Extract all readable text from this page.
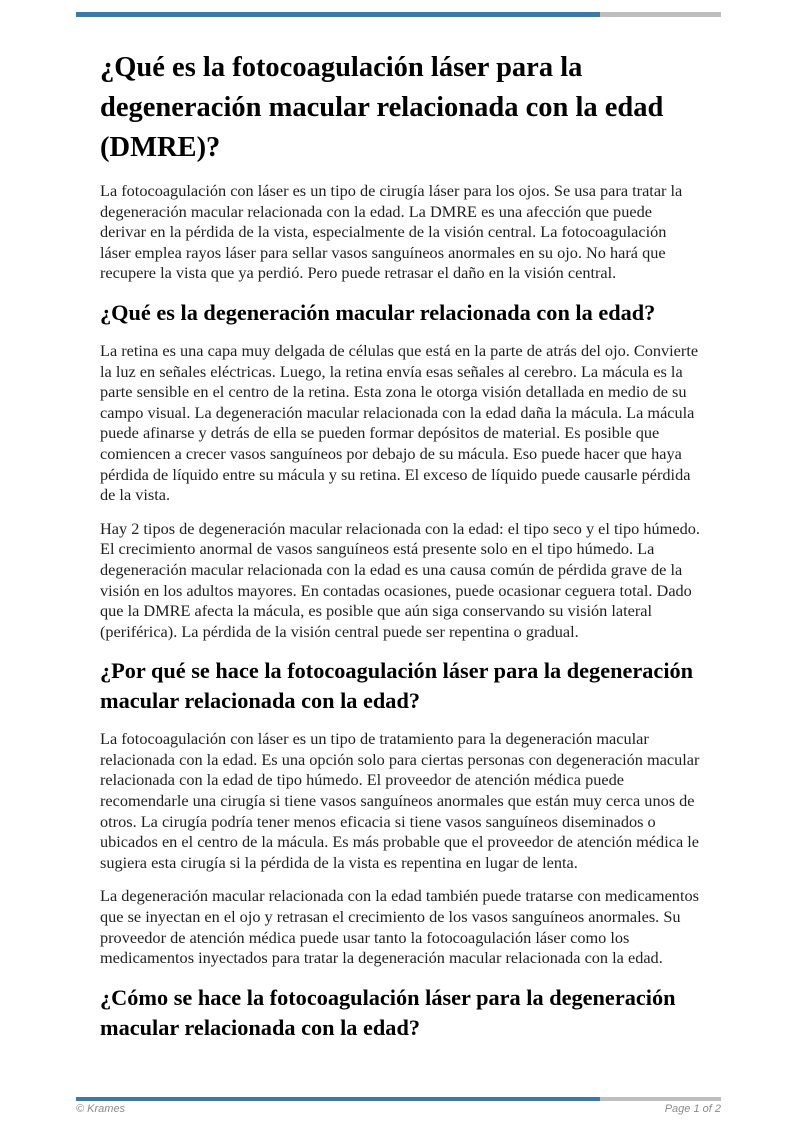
¿Qué es la fotocoagulación láser para la degeneración macular relacionada con la edad (DMRE)?

La fotocoagulación con láser es un tipo de cirugía láser para los ojos. Se usa para tratar la degeneración macular relacionada con la edad. La DMRE es una afección que puede derivar en la pérdida de la vista, especialmente de la visión central. La fotocoagulación láser emplea rayos láser para sellar vasos sanguíneos anormales en su ojo. No hará que recupere la vista que ya perdió. Pero puede retrasar el daño en la visión central.

¿Qué es la degeneración macular relacionada con la edad?

La retina es una capa muy delgada de células que está en la parte de atrás del ojo. Convierte la luz en señales eléctricas. Luego, la retina envía esas señales al cerebro. La mácula es la parte sensible en el centro de la retina. Esta zona le otorga visión detallada en medio de su campo visual. La degeneración macular relacionada con la edad daña la mácula. La mácula puede afinarse y detrás de ella se pueden formar depósitos de material. Es posible que comiencen a crecer vasos sanguíneos por debajo de su mácula. Eso puede hacer que haya pérdida de líquido entre su mácula y su retina. El exceso de líquido puede causarle pérdida de la vista.

Hay 2 tipos de degeneración macular relacionada con la edad: el tipo seco y el tipo húmedo. El crecimiento anormal de vasos sanguíneos está presente solo en el tipo húmedo. La degeneración macular relacionada con la edad es una causa común de pérdida grave de la visión en los adultos mayores. En contadas ocasiones, puede ocasionar ceguera total. Dado que la DMRE afecta la mácula, es posible que aún siga conservando su visión lateral (periférica). La pérdida de la visión central puede ser repentina o gradual.

¿Por qué se hace la fotocoagulación láser para la degeneración macular relacionada con la edad?

La fotocoagulación con láser es un tipo de tratamiento para la degeneración macular relacionada con la edad. Es una opción solo para ciertas personas con degeneración macular relacionada con la edad de tipo húmedo. El proveedor de atención médica puede recomendarle una cirugía si tiene vasos sanguíneos anormales que están muy cerca unos de otros. La cirugía podría tener menos eficacia si tiene vasos sanguíneos diseminados o ubicados en el centro de la mácula. Es más probable que el proveedor de atención médica le sugiera esta cirugía si la pérdida de la vista es repentina en lugar de lenta.

La degeneración macular relacionada con la edad también puede tratarse con medicamentos que se inyectan en el ojo y retrasan el crecimiento de los vasos sanguíneos anormales. Su proveedor de atención médica puede usar tanto la fotocoagulación láser como los medicamentos inyectados para tratar la degeneración macular relacionada con la edad.

¿Cómo se hace la fotocoagulación láser para la degeneración macular relacionada con la edad?
© Krames	Page 1 of 2
